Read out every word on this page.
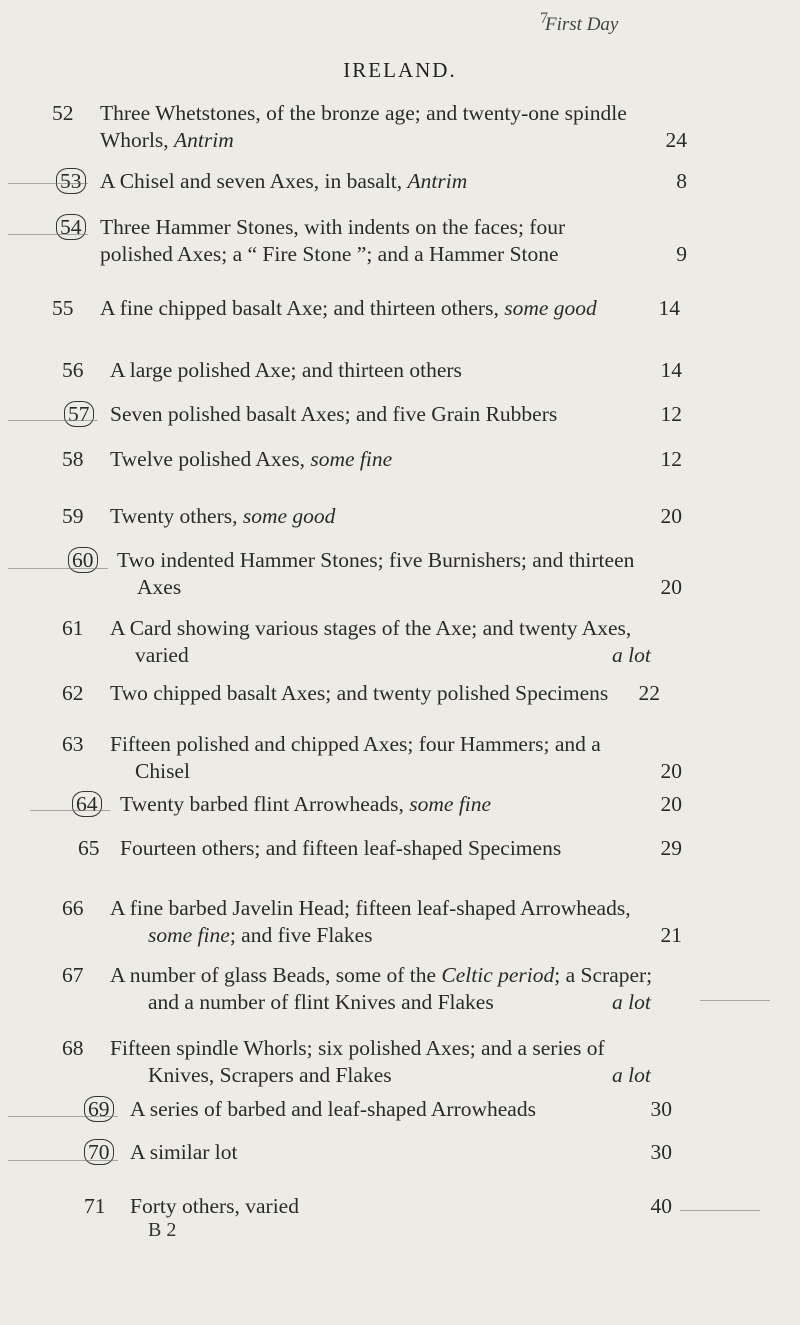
7
First Day
IRELAND.
52 Three Whetstones, of the bronze age; and twenty-one spindle
Whorls, Antrim	24
53 A Chisel and seven Axes, in basalt, Antrim	8
54 Three Hammer Stones, with indents on the faces; four
polished Axes; a “ Fire Stone ”; and a Hammer Stone	9
55 A fine chipped basalt Axe; and thirteen others, some good	14
56 A large polished Axe; and thirteen others	14
57 Seven polished basalt Axes; and five Grain Rubbers	12
58 Twelve polished Axes, some fine	12
59 Twenty others, some good	20
60 Two indented Hammer Stones; five Burnishers; and thirteen
Axes	20
61 A Card showing various stages of the Axe; and twenty Axes,
varied	a lot
62 Two chipped basalt Axes; and twenty polished Specimens	22
63 Fifteen polished and chipped Axes; four Hammers; and a
Chisel	20
64 Twenty barbed flint Arrowheads, some fine	20
65 Fourteen others; and fifteen leaf-shaped Specimens	29
66 A fine barbed Javelin Head; fifteen leaf-shaped Arrowheads,
some fine; and five Flakes	21
67 A number of glass Beads, some of the Celtic period; a Scraper;
and a number of flint Knives and Flakes	a lot
68 Fifteen spindle Whorls; six polished Axes; and a series of
Knives, Scrapers and Flakes	a lot
69 A series of barbed and leaf-shaped Arrowheads	30
70 A similar lot	30
71 Forty others, varied	40
B 2
